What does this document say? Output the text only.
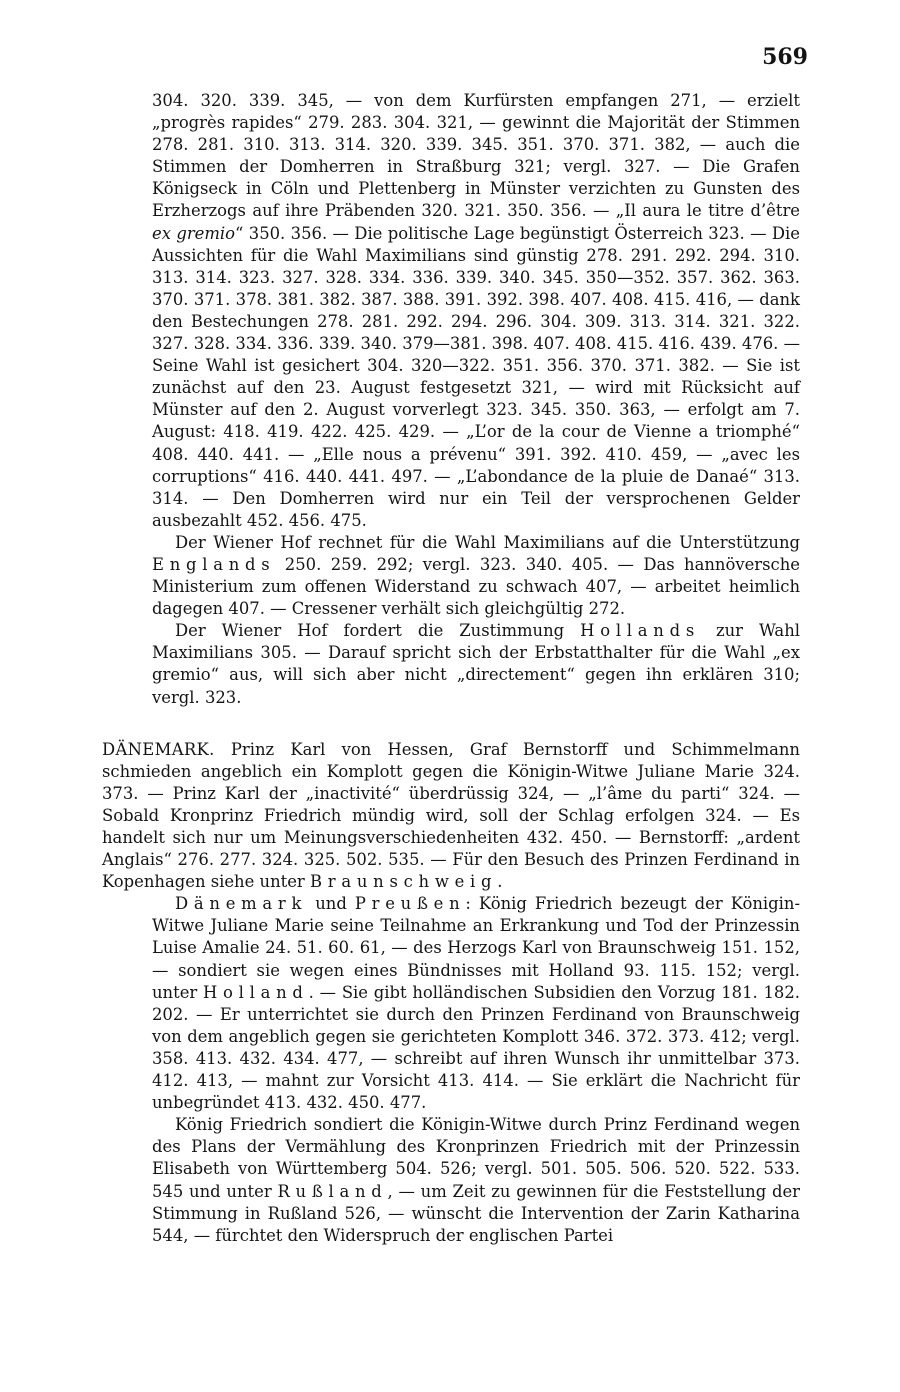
569

304. 320. 339. 345, — von dem Kurfürsten empfangen 271, — erzielt „progrès rapides“ 279. 283. 304. 321, — gewinnt die Majorität der Stimmen 278. 281. 310. 313. 314. 320. 339. 345. 351. 370. 371. 382, — auch die Stimmen der Domherren in Straßburg 321; vergl. 327. — Die Grafen Königseck in Cöln und Plettenberg in Münster verzichten zu Gunsten des Erzherzogs auf ihre Präbenden 320. 321. 350. 356. — „Il aura le titre d’être ex gremio“ 350. 356. — Die politische Lage begünstigt Österreich 323. — Die Aussichten für die Wahl Maximilians sind günstig 278. 291. 292. 294. 310. 313. 314. 323. 327. 328. 334. 336. 339. 340. 345. 350—352. 357. 362. 363. 370. 371. 378. 381. 382. 387. 388. 391. 392. 398. 407. 408. 415. 416, — dank den Bestechungen 278. 281. 292. 294. 296. 304. 309. 313. 314. 321. 322. 327. 328. 334. 336. 339. 340. 379—381. 398. 407. 408. 415. 416. 439. 476. — Seine Wahl ist gesichert 304. 320—322. 351. 356. 370. 371. 382. — Sie ist zunächst auf den 23. August festgesetzt 321, — wird mit Rücksicht auf Münster auf den 2. August vorverlegt 323. 345. 350. 363, — erfolgt am 7. August: 418. 419. 422. 425. 429. — „L’or de la cour de Vienne a triomphé“ 408. 440. 441. — „Elle nous a prévenu“ 391. 392. 410. 459, — „avec les corruptions“ 416. 440. 441. 497. — „L’abondance de la pluie de Danaé“ 313. 314. — Den Domherren wird nur ein Teil der versprochenen Gelder ausbezahlt 452. 456. 475.

Der Wiener Hof rechnet für die Wahl Maximilians auf die Unterstützung Englands 250. 259. 292; vergl. 323. 340. 405. — Das hannöversche Ministerium zum offenen Widerstand zu schwach 407, — arbeitet heimlich dagegen 407. — Cressener verhält sich gleichgültig 272.

Der Wiener Hof fordert die Zustimmung Hollands zur Wahl Maximilians 305. — Darauf spricht sich der Erbstatthalter für die Wahl „ex gremio“ aus, will sich aber nicht „directement“ gegen ihn erklären 310; vergl. 323.

DÄNEMARK. Prinz Karl von Hessen, Graf Bernstorff und Schimmelmann schmieden angeblich ein Komplott gegen die Königin-Witwe Juliane Marie 324. 373. — Prinz Karl der „inactivité“ überdrüssig 324, — „l’âme du parti“ 324. — Sobald Kronprinz Friedrich mündig wird, soll der Schlag erfolgen 324. — Es handelt sich nur um Meinungsverschiedenheiten 432. 450. — Bernstorff: „ardent Anglais“ 276. 277. 324. 325. 502. 535. — Für den Besuch des Prinzen Ferdinand in Kopenhagen siehe unter Braunschweig.

Dänemark und Preußen: König Friedrich bezeugt der Königin-Witwe Juliane Marie seine Teilnahme an Erkrankung und Tod der Prinzessin Luise Amalie 24. 51. 60. 61, — des Herzogs Karl von Braunschweig 151. 152, — sondiert sie wegen eines Bündnisses mit Holland 93. 115. 152; vergl. unter Holland. — Sie gibt holländischen Subsidien den Vorzug 181. 182. 202. — Er unterrichtet sie durch den Prinzen Ferdinand von Braunschweig von dem angeblich gegen sie gerichteten Komplott 346. 372. 373. 412; vergl. 358. 413. 432. 434. 477, — schreibt auf ihren Wunsch ihr unmittelbar 373. 412. 413, — mahnt zur Vorsicht 413. 414. — Sie erklärt die Nachricht für unbegründet 413. 432. 450. 477.

König Friedrich sondiert die Königin-Witwe durch Prinz Ferdinand wegen des Plans der Vermählung des Kronprinzen Friedrich mit der Prinzessin Elisabeth von Württemberg 504. 526; vergl. 501. 505. 506. 520. 522. 533. 545 und unter Rußland, — um Zeit zu gewinnen für die Feststellung der Stimmung in Rußland 526, — wünscht die Intervention der Zarin Katharina 544, — fürchtet den Widerspruch der englischen Partei
